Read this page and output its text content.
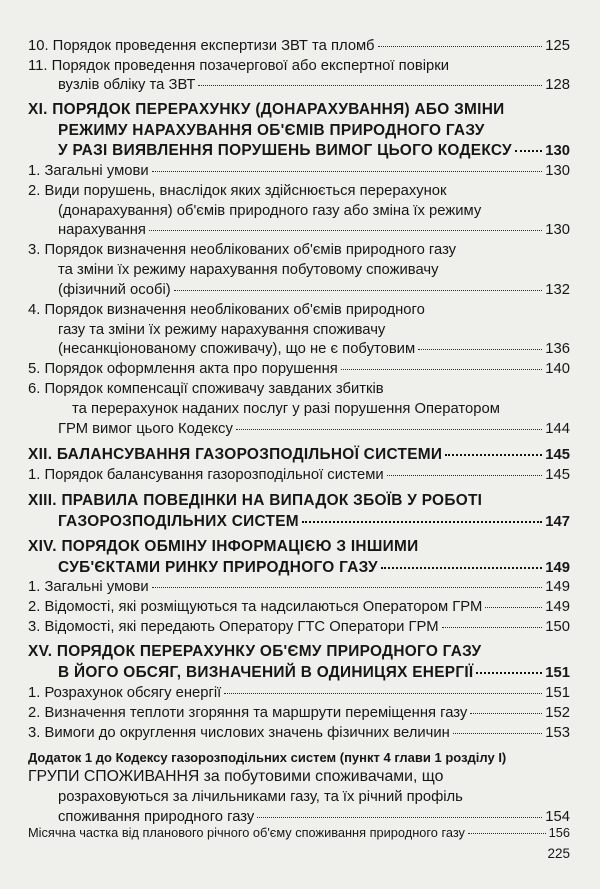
10. Порядок проведення експертизи ЗВТ та пломб	125
11. Порядок проведення позачергової або експертної повірки
вузлів обліку та ЗВТ	128
XI. ПОРЯДОК ПЕРЕРАХУНКУ (ДОНАРАХУВАННЯ) АБО ЗМІНИ
РЕЖИМУ НАРАХУВАННЯ ОБ'ЄМІВ ПРИРОДНОГО ГАЗУ
У РАЗІ ВИЯВЛЕННЯ ПОРУШЕНЬ ВИМОГ ЦЬОГО КОДЕКСУ 130
1. Загальні умови	130
2. Види порушень, внаслідок яких здійснюється перерахунок
(донарахування) об'ємів природного газу або зміна їх режиму
нарахування	130
3. Порядок визначення необлікованих об'ємів природного газу
та зміни їх режиму нарахування побутовому споживачу
(фізичний особі)	132
4. Порядок визначення необлікованих об'ємів природного
газу та зміни їх режиму нарахування споживачу
(несанкціонованому споживачу), що не є побутовим	136
5. Порядок оформлення акта про порушення	140
6. Порядок компенсації споживачу завданих збитків
та перерахунок наданих послуг у разі порушення Оператором
ГРМ вимог цього Кодексу	144
XII. БАЛАНСУВАННЯ ГАЗОРОЗПОДІЛЬНОЇ СИСТЕМИ	145
1. Порядок балансування газорозподільної системи	145
XIII. ПРАВИЛА ПОВЕДІНКИ НА ВИПАДОК ЗБОЇВ У РОБОТІ
ГАЗОРОЗПОДІЛЬНИХ СИСТЕМ	147
XIV. ПОРЯДОК ОБМІНУ ІНФОРМАЦІЄЮ З ІНШИМИ
СУБ'ЄКТАМИ РИНКУ ПРИРОДНОГО ГАЗУ	149
1. Загальні умови	149
2. Відомості, які розміщуються та надсилаються Оператором ГРМ	149
3. Відомості, які передають Оператору ГТС Оператори ГРМ	150
XV. ПОРЯДОК ПЕРЕРАХУНКУ ОБ'ЄМУ ПРИРОДНОГО ГАЗУ
В ЙОГО ОБСЯГ, ВИЗНАЧЕНИЙ В ОДИНИЦЯХ ЕНЕРГІЇ	151
1. Розрахунок обсягу енергії	151
2. Визначення теплоти згоряння та маршрути переміщення газу	152
3. Вимоги до округлення числових значень фізичних величин	153
Додаток 1 до Кодексу газорозподільних систем (пункт 4 глави 1 розділу I)
ГРУПИ СПОЖИВАННЯ за побутовими споживачами, що
розраховуються за лічильниками газу, та їх річний профіль
споживання природного газу	154
Місячна частка від планового річного об'єму споживання природного газу	156
225
